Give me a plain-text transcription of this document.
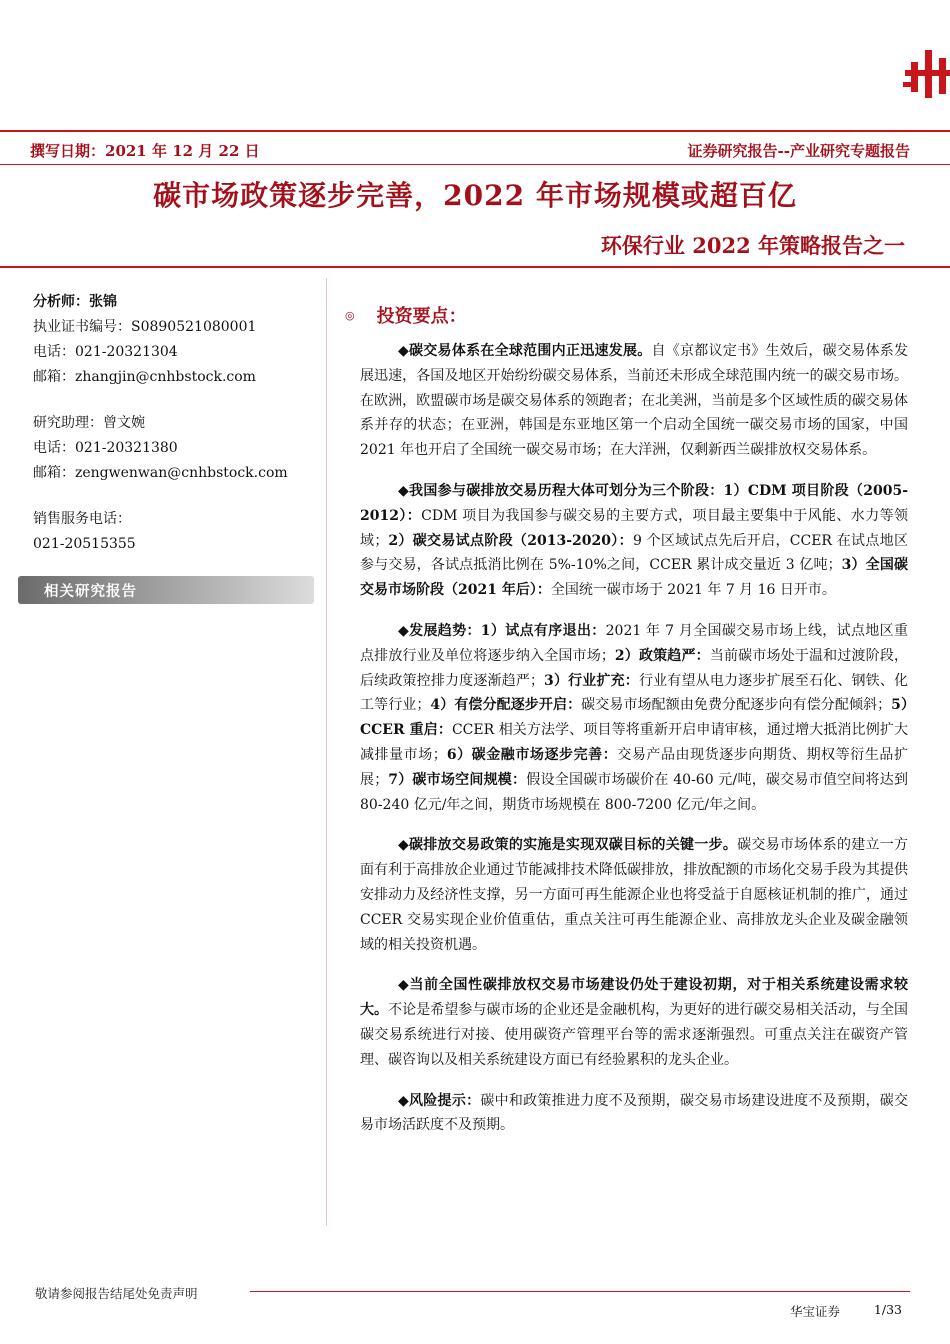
撰写日期：2021 年 12 月 22 日	证券研究报告--产业研究专题报告
碳市场政策逐步完善，2022 年市场规模或超百亿
环保行业 2022 年策略报告之一
分析师：张锦
执业证书编号：S0890521080001
电话：021-20321304
邮箱：zhangjin@cnhbstock.com
研究助理：曾文婉
电话：021-20321380
邮箱：zengwenwan@cnhbstock.com
销售服务电话：
021-20515355
相关研究报告
◎ 投资要点：

◆碳交易体系在全球范围内正迅速发展。自《京都议定书》生效后，碳交易体系发展迅速，各国及地区开始纷纷碳交易体系，当前还未形成全球范围内统一的碳交易市场。在欧洲，欧盟碳市场是碳交易体系的领跑者；在北美洲，当前是多个区域性质的碳交易体系并存的状态；在亚洲，韩国是东亚地区第一个启动全国统一碳交易市场的国家，中国 2021 年也开启了全国统一碳交易市场；在大洋洲，仅剩新西兰碳排放权交易体系。

◆我国参与碳排放交易历程大体可划分为三个阶段：1）CDM 项目阶段（2005-2012）：CDM 项目为我国参与碳交易的主要方式，项目最主要集中于风能、水力等领域；2）碳交易试点阶段（2013-2020）：9 个区域试点先后开启，CCER 在试点地区参与交易，各试点抵消比例在 5%-10%之间，CCER 累计成交量近 3 亿吨；3）全国碳交易市场阶段（2021 年后）：全国统一碳市场于 2021 年 7 月 16 日开市。

◆发展趋势：1）试点有序退出：2021 年 7 月全国碳交易市场上线，试点地区重点排放行业及单位将逐步纳入全国市场；2）政策趋严：当前碳市场处于温和过渡阶段，后续政策控排力度逐渐趋严；3）行业扩充：行业有望从电力逐步扩展至石化、钢铁、化工等行业；4）有偿分配逐步开启：碳交易市场配额由免费分配逐步向有偿分配倾斜；5）CCER 重启：CCER 相关方法学、项目等将重新开启申请审核，通过增大抵消比例扩大减排量市场；6）碳金融市场逐步完善：交易产品由现货逐步向期货、期权等衍生品扩展；7）碳市场空间规模：假设全国碳市场碳价在 40-60 元/吨，碳交易市值空间将达到 80-240 亿元/年之间，期货市场规模在 800-7200 亿元/年之间。

◆碳排放交易政策的实施是实现双碳目标的关键一步。碳交易市场体系的建立一方面有利于高排放企业通过节能减排技术降低碳排放，排放配额的市场化交易手段为其提供安排动力及经济性支撑，另一方面可再生能源企业也将受益于自愿核证机制的推广，通过 CCER 交易实现企业价值重估，重点关注可再生能源企业、高排放龙头企业及碳金融领域的相关投资机遇。

◆当前全国性碳排放权交易市场建设仍处于建设初期，对于相关系统建设需求较大。不论是希望参与碳市场的企业还是金融机构，为更好的进行碳交易相关活动，与全国碳交易系统进行对接、使用碳资产管理平台等的需求逐渐强烈。可重点关注在碳资产管理、碳咨询以及相关系统建设方面已有经验累积的龙头企业。

◆风险提示：碳中和政策推进力度不及预期，碳交易市场建设进度不及预期，碳交易市场活跃度不及预期。

敬请参阅报告结尾处免责声明
华宝证券	1/33
